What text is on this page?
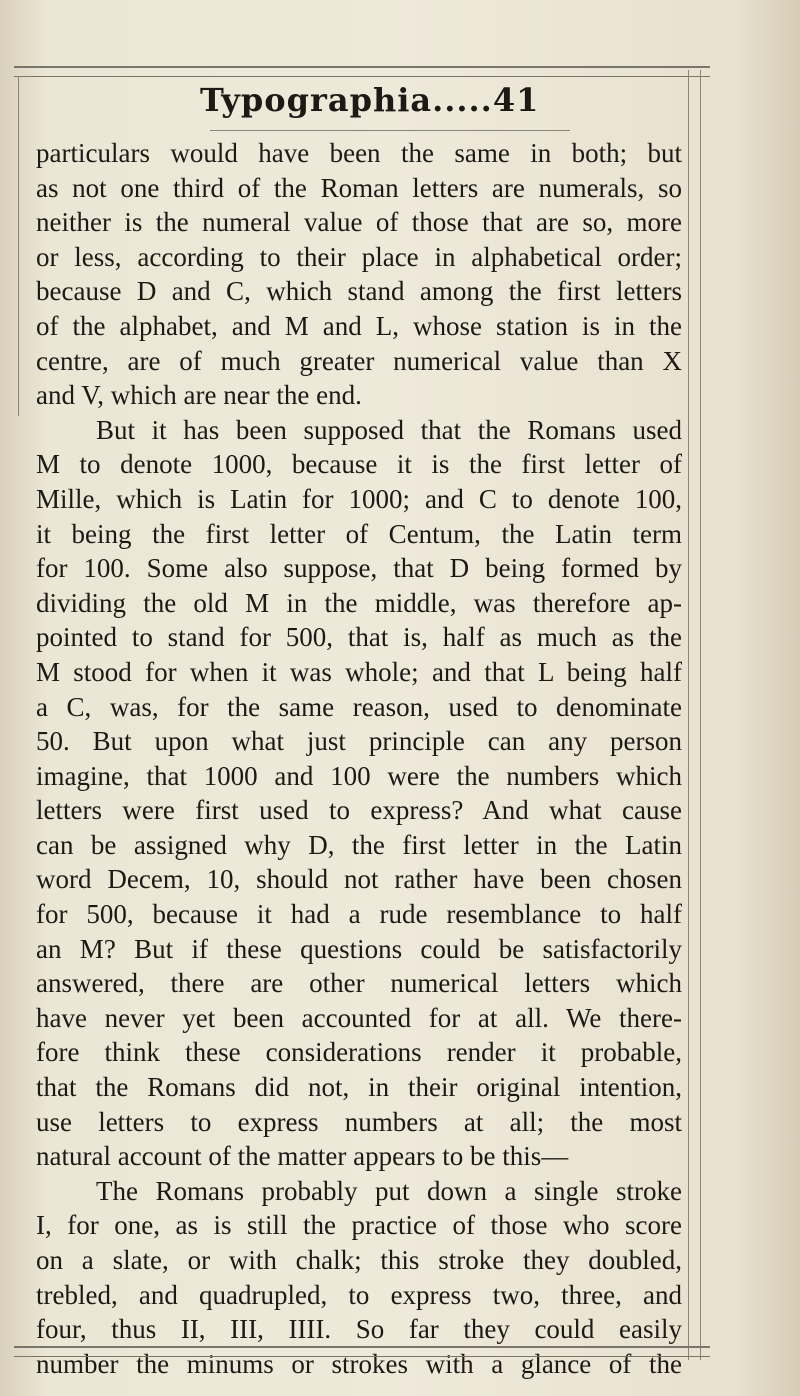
Typographia.....41
particulars would have been the same in both; but
as not one third of the Roman letters are numerals, so
neither is the numeral value of those that are so, more
or less, according to their place in alphabetical order;
because D and C, which stand among the first letters
of the alphabet, and M and L, whose station is in the
centre, are of much greater numerical value than X
and V, which are near the end.
But it has been supposed that the Romans used
M to denote 1000, because it is the first letter of
Mille, which is Latin for 1000; and C to denote 100,
it being the first letter of Centum, the Latin term
for 100. Some also suppose, that D being formed by
dividing the old M in the middle, was therefore ap-
pointed to stand for 500, that is, half as much as the
M stood for when it was whole; and that L being half
a C, was, for the same reason, used to denominate
50. But upon what just principle can any person
imagine, that 1000 and 100 were the numbers which
letters were first used to express? And what cause
can be assigned why D, the first letter in the Latin
word Decem, 10, should not rather have been chosen
for 500, because it had a rude resemblance to half
an M? But if these questions could be satisfactorily
answered, there are other numerical letters which
have never yet been accounted for at all. We there-
fore think these considerations render it probable,
that the Romans did not, in their original intention,
use letters to express numbers at all; the most
natural account of the matter appears to be this—
The Romans probably put down a single stroke
I, for one, as is still the practice of those who score
on a slate, or with chalk; this stroke they doubled,
trebled, and quadrupled, to express two, three, and
four, thus II, III, IIII. So far they could easily
number the minums or strokes with a glance of the
